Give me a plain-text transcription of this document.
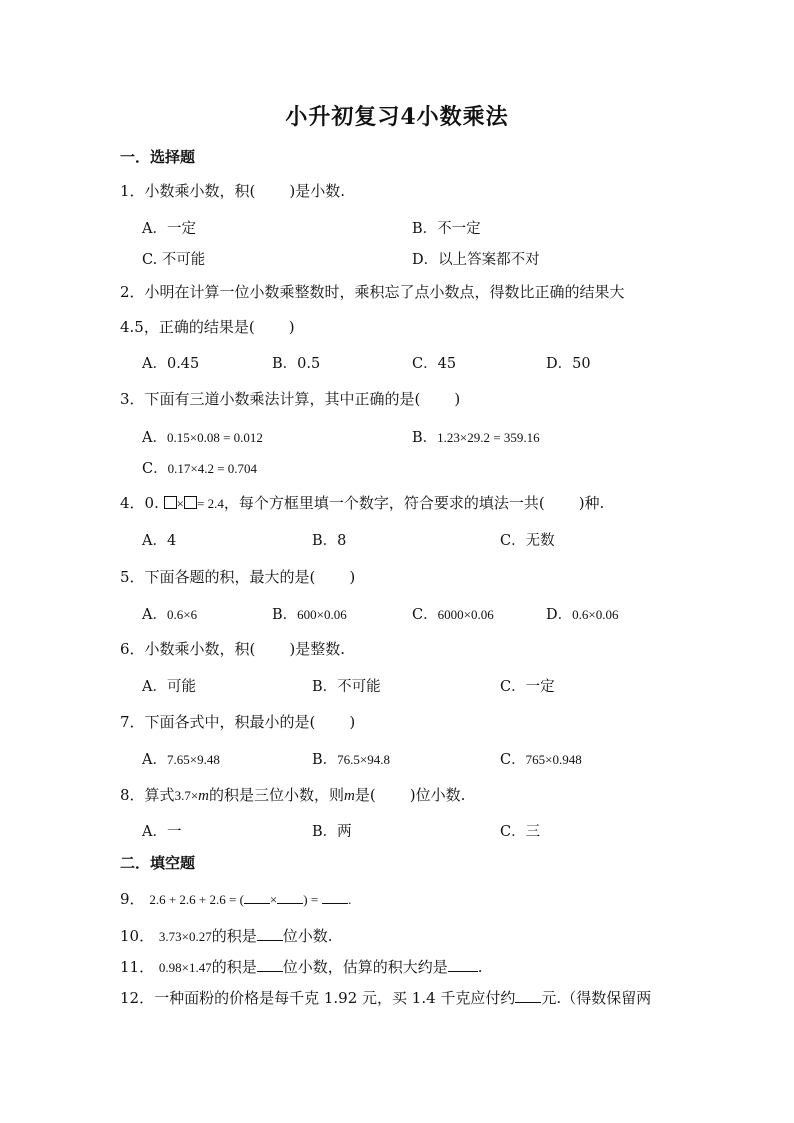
小升初复习4小数乘法
一．选择题
1．小数乘小数，积( )是小数.
A．一定	B．不一定
C. 不可能	D．以上答案都不对
2．小明在计算一位小数乘整数时，乘积忘了点小数点，得数比正确的结果大
4.5，正确的结果是( )
A．0.45	B．0.5	C．45	D．50
3．下面有三道小数乘法计算，其中正确的是( )
A．0.15×0.08 = 0.012	B．1.23×29.2 = 359.16
C．0.17×4.2 = 0.704
4．0. × = 2.4，每个方框里填一个数字，符合要求的填法一共( )种.
A．4	B．8	C．无数
5．下面各题的积，最大的是( )
A．0.6×6	B．600×0.06	C．6000×0.06	D．0.6×0.06
6．小数乘小数，积( )是整数.
A．可能	B．不可能	C．一定
7．下面各式中，积最小的是( )
A．7.65×9.48	B．76.5×94.8	C．765×0.948
8．算式3.7×m的积是三位小数，则m是( )位小数.
A．一	B．两	C．三
二．填空题
9． 2.6 + 2.6 + 2.6 = ( × ) = .
10． 3.73×0.27的积是 位小数.
11． 0.98×1.47的积是 位小数，估算的积大约是 .
12．一种面粉的价格是每千克 1.92 元，买 1.4 千克应付约 元.（得数保留两
